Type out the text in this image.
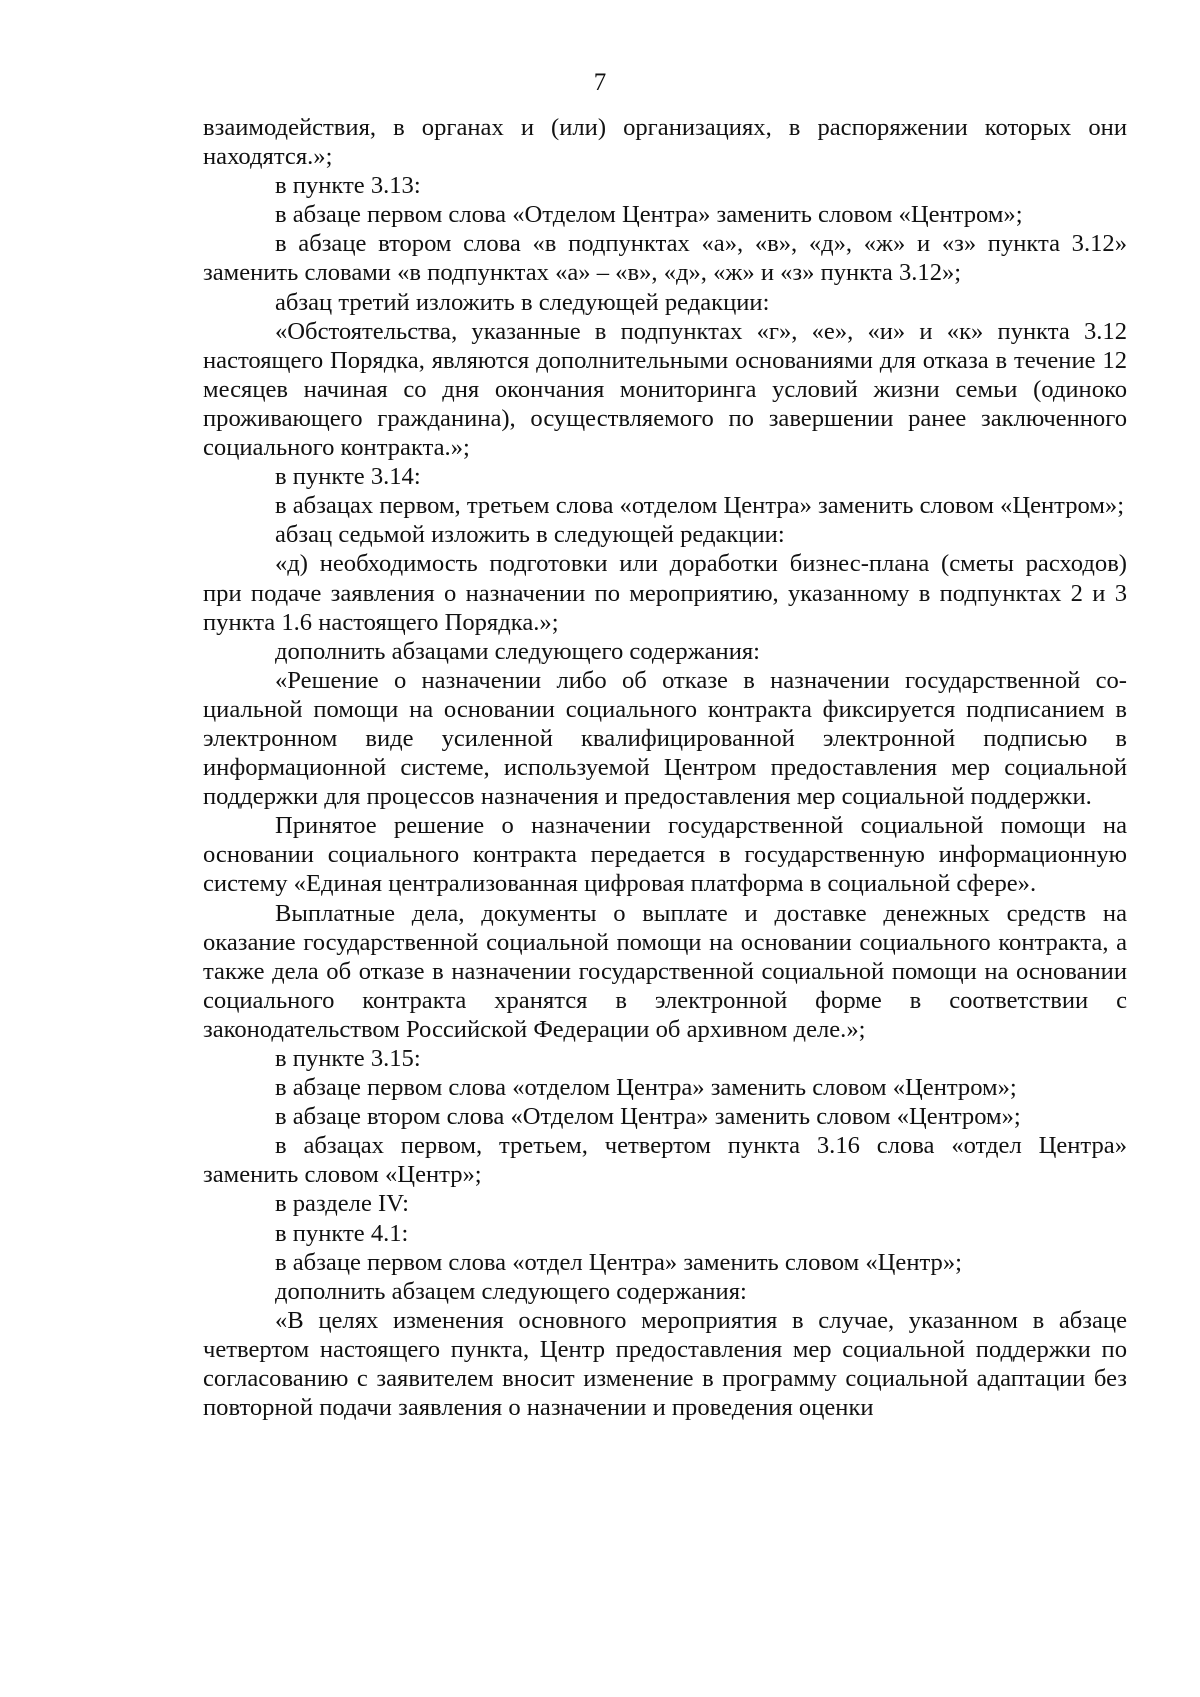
7

взаимодействия, в органах и (или) организациях, в распоряжении которых они находятся.»;

в пункте 3.13:

в абзаце первом слова «Отделом Центра» заменить словом «Центром»;

в абзаце втором слова «в подпунктах «а», «в», «д», «ж» и «з» пункта 3.12» заменить словами «в подпунктах «а» – «в», «д», «ж» и «з» пункта 3.12»;

абзац третий изложить в следующей редакции:

«Обстоятельства, указанные в подпунктах «г», «е», «и» и «к» пункта 3.12 настоящего Порядка, являются дополнительными основаниями для отказа в течение 12 месяцев начиная со дня окончания мониторинга условий жизни семьи (одиноко проживающего гражданина), осуществляемого по завершении ранее заключенного социального контракта.»;

в пункте 3.14:

в абзацах первом, третьем слова «отделом Центра» заменить словом «Центром»;

абзац седьмой изложить в следующей редакции:

«д) необходимость подготовки или доработки бизнес-плана (сметы расходов) при подаче заявления о назначении по мероприятию, указанному в подпунктах 2 и 3 пункта 1.6 настоящего Порядка.»;

дополнить абзацами следующего содержания:

«Решение о назначении либо об отказе в назначении государственной социальной помощи на основании социального контракта фиксируется подписанием в электронном виде усиленной квалифицированной электронной подписью в информационной системе, используемой Центром предоставления мер социальной поддержки для процессов назначения и предоставления мер социальной поддержки.

Принятое решение о назначении государственной социальной помощи на основании социального контракта передается в государственную информационную систему «Единая централизованная цифровая платформа в социальной сфере».

Выплатные дела, документы о выплате и доставке денежных средств на оказание государственной социальной помощи на основании социального контракта, а также дела об отказе в назначении государственной социальной помощи на основании социального контракта хранятся в электронной форме в соответствии с законодательством Российской Федерации об архивном деле.»;

в пункте 3.15:

в абзаце первом слова «отделом Центра» заменить словом «Центром»;

в абзаце втором слова «Отделом Центра» заменить словом «Центром»;

в абзацах первом, третьем, четвертом пункта 3.16 слова «отдел Центра» заменить словом «Центр»;

в разделе IV:

в пункте 4.1:

в абзаце первом слова «отдел Центра» заменить словом «Центр»;

дополнить абзацем следующего содержания:

«В целях изменения основного мероприятия в случае, указанном в абзаце четвертом настоящего пункта, Центр предоставления мер социальной поддержки по согласованию с заявителем вносит изменение в программу социальной адаптации без повторной подачи заявления о назначении и проведения оценки
